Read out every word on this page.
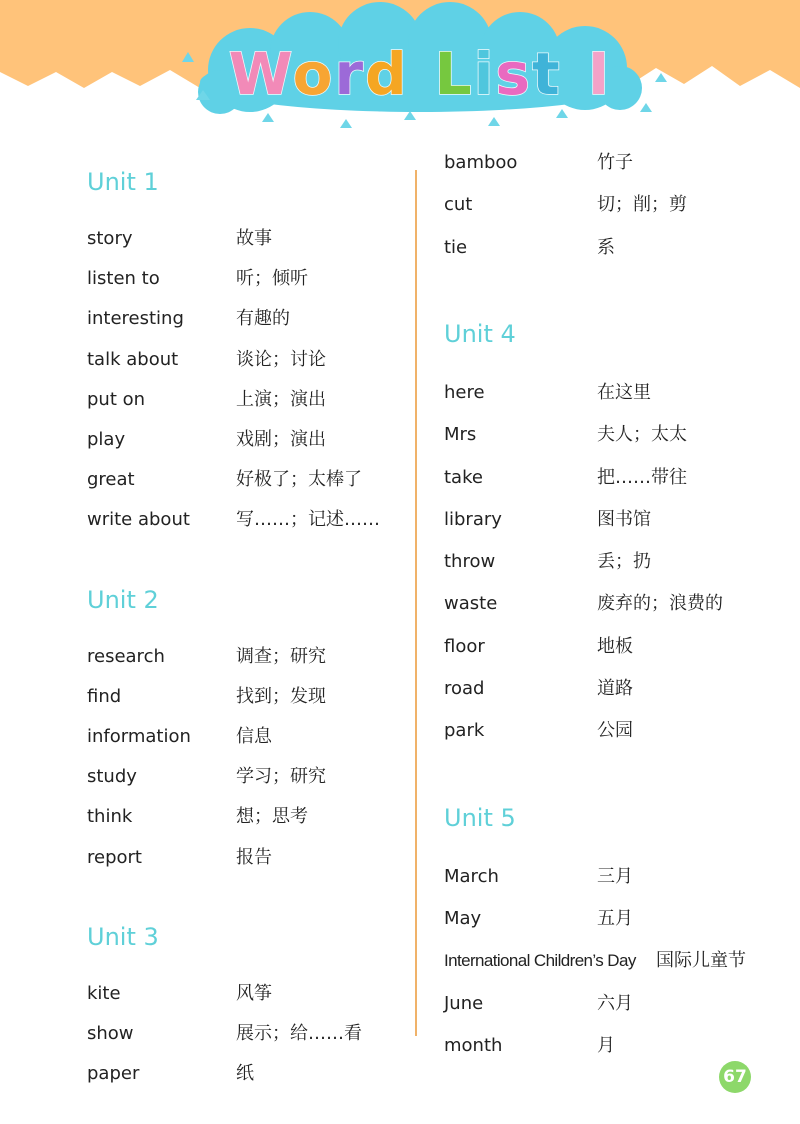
Word List I
Unit 1
story	故事
listen to	听；倾听
interesting	有趣的
talk about	谈论；讨论
put on	上演；演出
play	戏剧；演出
great	好极了；太棒了
write about	写……；记述……
Unit 2
research	调查；研究
find	找到；发现
information	信息
study	学习；研究
think	想；思考
report	报告
Unit 3
kite	风筝
show	展示；给……看
paper	纸
bamboo	竹子
cut	切；削；剪
tie	系
Unit 4
here	在这里
Mrs	夫人；太太
take	把……带往
library	图书馆
throw	丢；扔
waste	废弃的；浪费的
floor	地板
road	道路
park	公园
Unit 5
March	三月
May	五月
International Children’s Day 国际儿童节
June	六月
month	月
67
